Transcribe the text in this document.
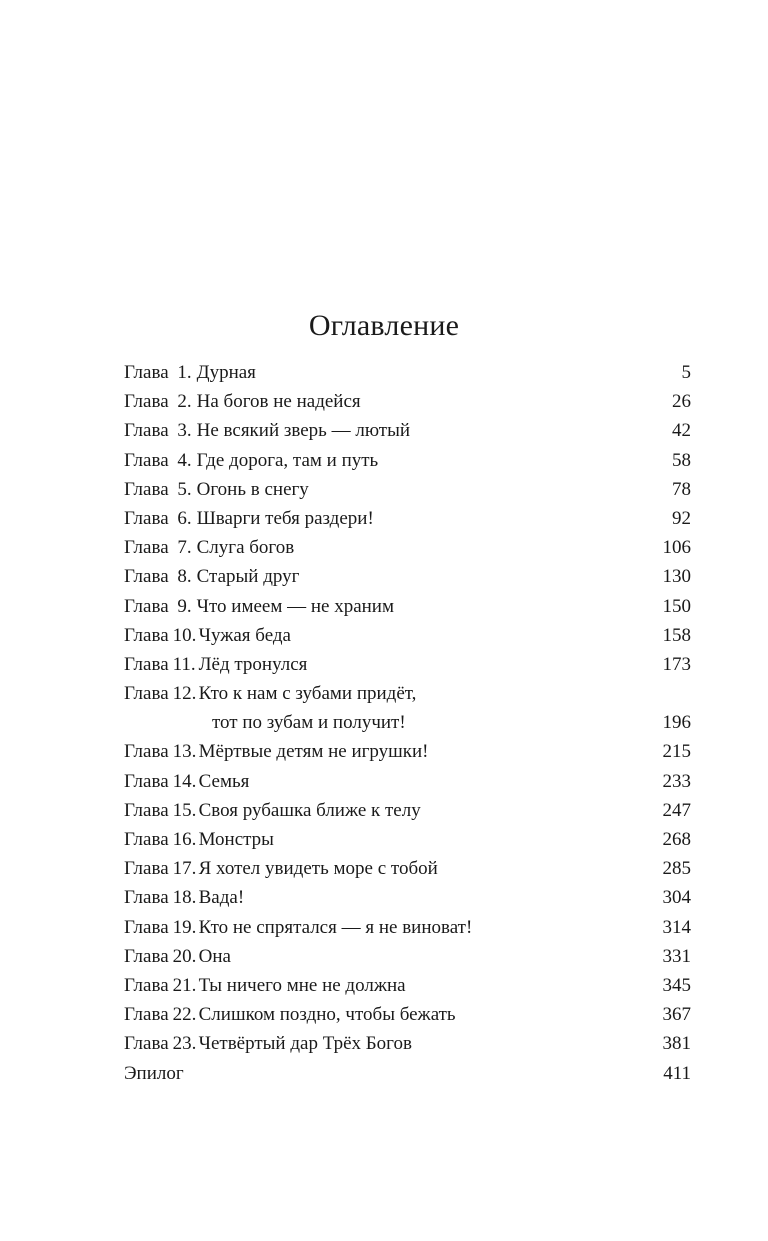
Оглавление
Глава 1. Дурная	5
Глава 2. На богов не надейся	26
Глава 3. Не всякий зверь — лютый	42
Глава 4. Где дорога, там и путь	58
Глава 5. Огонь в снегу	78
Глава 6. Шварги тебя раздери!	92
Глава 7. Слуга богов	106
Глава 8. Старый друг	130
Глава 9. Что имеем — не храним	150
Глава 10. Чужая беда	158
Глава 11. Лёд тронулся	173
Глава 12. Кто к нам с зубами придёт,
тот по зубам и получит!	196
Глава 13. Мёртвые детям не игрушки!	215
Глава 14. Семья	233
Глава 15. Своя рубашка ближе к телу	247
Глава 16. Монстры	268
Глава 17. Я хотел увидеть море с тобой	285
Глава 18. Вада!	304
Глава 19. Кто не спрятался — я не виноват!	314
Глава 20. Она	331
Глава 21. Ты ничего мне не должна	345
Глава 22. Слишком поздно, чтобы бежать	367
Глава 23. Четвёртый дар Трёх Богов	381
Эпилог	411
